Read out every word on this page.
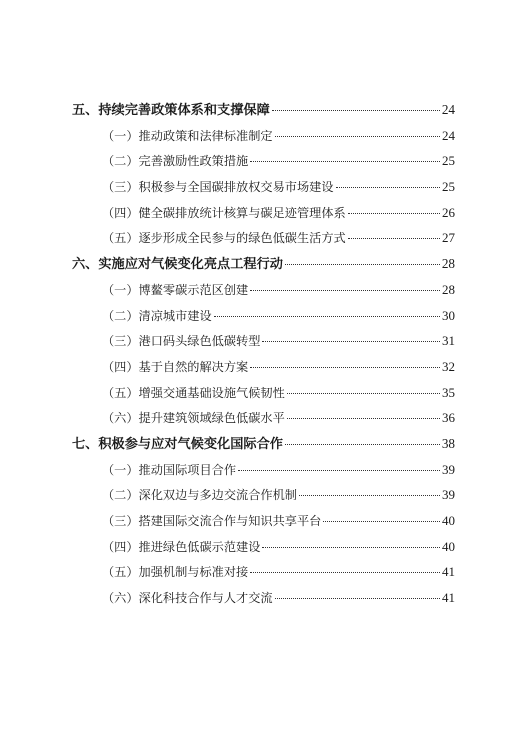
五、持续完善政策体系和支撑保障	24
（一）推动政策和法律标准制定	24
（二）完善激励性政策措施	25
（三）积极参与全国碳排放权交易市场建设	25
（四）健全碳排放统计核算与碳足迹管理体系	26
（五）逐步形成全民参与的绿色低碳生活方式	27
六、实施应对气候变化亮点工程行动	28
（一）博鳌零碳示范区创建	28
（二）清凉城市建设	30
（三）港口码头绿色低碳转型	31
（四）基于自然的解决方案	32
（五）增强交通基础设施气候韧性	35
（六）提升建筑领域绿色低碳水平	36
七、积极参与应对气候变化国际合作	38
（一）推动国际项目合作	39
（二）深化双边与多边交流合作机制	39
（三）搭建国际交流合作与知识共享平台	40
（四）推进绿色低碳示范建设	40
（五）加强机制与标准对接	41
（六）深化科技合作与人才交流	41
